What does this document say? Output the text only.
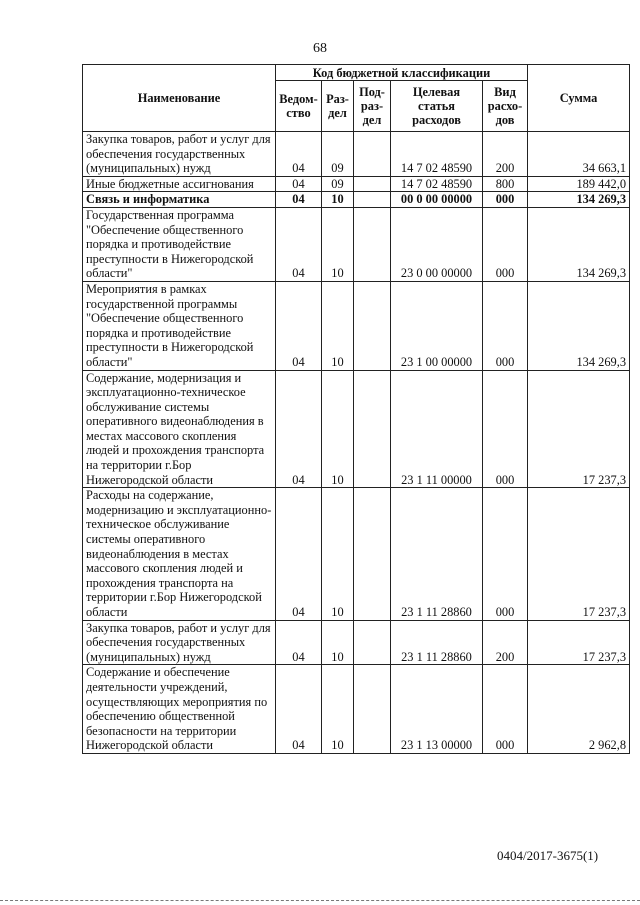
68
Наименование	Код бюджетной классификации					Сумма
	Ведом-ство	Раз-дел	Под-раз-дел	Целевая статья расходов	Вид расхо-дов	
Закупка товаров, работ и услуг для обеспечения государственных (муниципальных) нужд	04	09		14 7 02 48590	200	34 663,1
Иные бюджетные ассигнования	04	09		14 7 02 48590	800	189 442,0
Связь и информатика	04	10		00 0 00 00000	000	134 269,3
Государственная программа "Обеспечение общественного порядка и противодействие преступности в Нижегородской области"	04	10		23 0 00 00000	000	134 269,3
Мероприятия в рамках государственной программы "Обеспечение общественного порядка и противодействие преступности в Нижегородской области"	04	10		23 1 00 00000	000	134 269,3
Содержание, модернизация и эксплуатационно-техническое обслуживание системы оперативного видеонаблюдения в местах массового скопления людей и прохождения транспорта на территории г.Бор Нижегородской области	04	10		23 1 11 00000	000	17 237,3
Расходы на содержание, модернизацию и эксплуатационно-техническое обслуживание системы оперативного видеонаблюдения в местах массового скопления людей и прохождения транспорта на территории г.Бор Нижегородской области	04	10		23 1 11 28860	000	17 237,3
Закупка товаров, работ и услуг для обеспечения государственных (муниципальных) нужд	04	10		23 1 11 28860	200	17 237,3
Содержание и обеспечение деятельности учреждений, осуществляющих мероприятия по обеспечению общественной безопасности на территории Нижегородской области	04	10		23 1 13 00000	000	2 962,8
0404/2017-3675(1)
